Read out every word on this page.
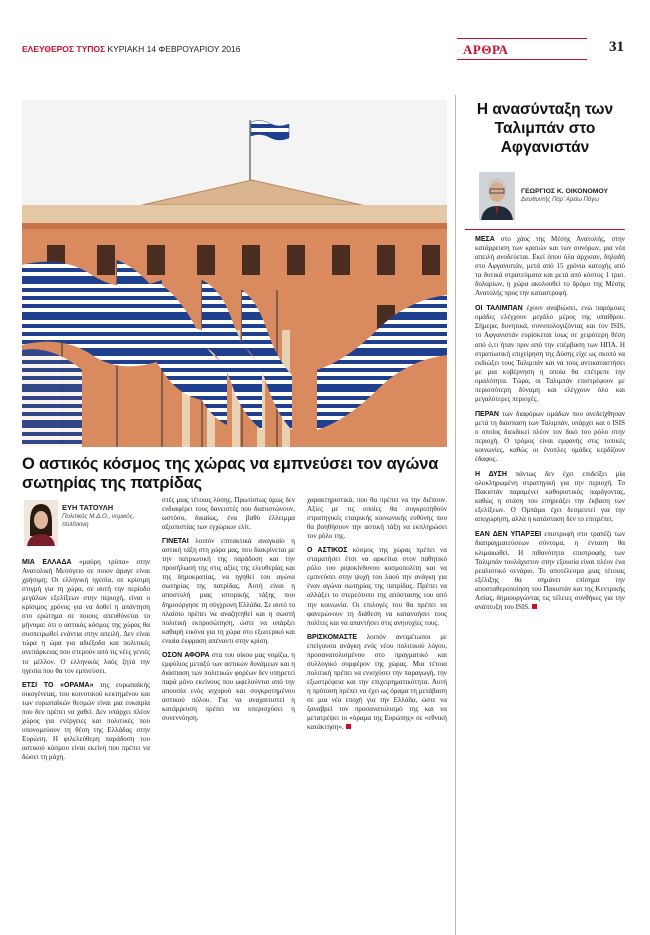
ΕΛΕΥΘΕΡΟΣ ΤΥΠΟΣ ΚΥΡΙΑΚΗ 14 ΦΕΒΡΟΥΑΡΙΟΥ 2016	ΑΡΘΡΑ	31
Ο αστικός κόσμος της χώρας να εμπνεύσει τον αγώνα σωτηρίας της πατρίδας
ΕΥΗ ΤΑΤΟΥΛΗ
Πολιτικός Μ.Δ.Ο., νομικός, πολίτικινη

ΜΙΑ ΕΛΛΑΔΑ «μαύρη τρύπα» στην Ανατολική Μεσόγειο σε ποιον άραγε είναι χρήσιμη; Οι ελληνική ηγεσία, σε κρίσιμη στιγμή για τη χώρα, σε αυτή την περίοδο μεγάλων εξελίξεων στην περιοχή, είναι ο κρίσιμος χρόνος για να δοθεί η απάντηση στο ερώτημα σε ποιους απευθύνεται το μήνυμα: ότι ο αστικός κόσμος της χώρας θα συσπειρωθεί ενάντια στην απειλή. Δεν είναι τώρα η ώρα για αδιέξοδα και πολιτικές ανεπάρκειας που στερούν από τις νέες γενιές το μέλλον. Ο ελληνικός λαός ζητά την ηγεσία που θα τον εμπνεύσει.

ΕΤΣΙ ΤΟ «ΟΡΑΜΑ» της ευρωπαϊκής οικογένειας, του κοινοτικού κεκτημένου και των ευρωπαϊκών θεσμών είναι μια ευκαιρία που δεν πρέπει να χαθεί. Δεν υπάρχει πλέον χώρος για ενέργειες και πολιτικές που υπονομεύουν τη θέση της Ελλάδας στην Ευρώπη. Η φιλελεύθερη παράδοση του αστικού κόσμου είναι εκείνη που πρέπει να δώσει τη μάχη.

στές μιας τέτοιας λύσης. Πρωτίστως όμως δεν ενδιαφέρει τους δανειστές που διαπιστώνουν, ωστόσο, δικαίως, ένα βαθύ έλλειμμα αξιοπιστίας των εγχώριων ελίτ.

ΓΙΝΕΤΑΙ λοιπόν επιτακτικά αναγκαίο η αστική τάξη στη χώρα μας, που διακρίνεται με την πατριωτική της παράδοση και την προσήλωσή της στις αξίες της ελευθερίας και της δημοκρατίας, να ηγηθεί του αγώνα σωτηρίας της πατρίδας. Αυτή είναι η αποστολή μιας ιστορικής τάξης που δημιούργησε τη σύγχρονη Ελλάδα. Σε αυτό το πλαίσιο πρέπει να αναζητηθεί και η σωστή πολιτική εκπροσώπηση, ώστε να υπάρξει καθαρή εικόνα για τη χώρα στο εξωτερικό και ενιαία έκφραση απέναντι στην κρίση.

ΟΣΟΝ ΑΦΟΡΑ στα του οίκου μας νομίζω, η εμφύλιος μεταξύ των αστικών δυνάμεων και η διάσπαση των πολιτικών φορέων δεν υπηρετεί παρά μόνο εκείνους που ωφελούνται από την απουσία ενός ισχυρού και συγκροτημένου αστικού πόλου. Για να αναχαιτιστεί η κατάρρευση πρέπει να υπερισχύσει η συνεννόηση.

χαρακτηριστικά, που θα πρέπει να την διέπουν. Αξίες με τις οποίες θα συγκροτηθούν στρατηγικές εταιρικής κοινωνικής ευθύνης που θα βοηθήσουν την αστική τάξη να εκπληρώσει τον ρόλο της.

Ο ΑΣΤΙΚΟΣ κόσμος της χώρας πρέπει να σταματήσει έτσι να αρκείται στον παθητικό ρόλο του ριψοκίνδυνου κοσμοπολίτη και να εμπνεύσει στην ψυχή του λαού την ανάγκη για έναν αγώνα σωτηρίας της πατρίδας. Πρέπει να αλλάξει το στερεότυπο της απόστασης του από την κοινωνία. Οι επιλογές του θα πρέπει να φανερώνουν τη διάθεση να κατανοήσει τους πολίτες και να απαντήσει στις ανησυχίες τους.

ΒΡΙΣΚΟΜΑΣΤΕ λοιπόν αντιμέτωποι με επείγουσα ανάγκη ενός νέου πολιτικού λόγου, προσανατολισμένου στο πραγματικό και συλλογικό συμφέρον της χώρας. Μια τέτοια πολιτική πρέπει να ενισχύσει την παραγωγή, την εξωστρέφεια και την επιχειρηματικότητα. Αυτή η πρόταση πρέπει να έχει ως όραμα τη μετάβαση σε μια νέα εποχή για την Ελλάδα, ώστε να ξαναβρεί τον προσανατολισμό της και να μετατρέψει το «όραμα της Ευρώπης» σε «εθνική κατάκτηση».

Η ανασύνταξη των Ταλιμπάν στο Αφγανιστάν
ΓΕΩΡΓΙΟΣ Κ. ΟΙΚΟΝΟΜΟΥ
Διευθυντής Παρ' Αρείω Πάγω

ΜΕΣΑ στο χάος της Μέσης Ανατολής, στην κατάρρευση των κρατών και των συνόρων, μια νέα απειλή ανοδεύεται. Εκεί όπου όλα άρχισαν, δηλαδή στο Αφγανιστάν, μετά από 15 χρόνια κατοχής από τα δυτικά στρατεύματα και μετά από κόστος 1 τρισ. δολαρίων, η χώρα ακολουθεί το δρόμο της Μέσης Ανατολής προς την καταστροφή.

ΟΙ ΤΑΛΙΜΠΑΝ έχουν αναβιώσει, ενώ παρόμοιες ομάδες ελέγχουν μεγάλο μέρος της υπαίθρου. Σήμερα, δυνητικά, συνυπολογιζόντας και τον ISIS, το Αφγανιστάν ευρίσκεται ίσως σε χειρότερη θέση από ό,τι ήταν πριν από την επέμβαση των ΗΠΑ. Η στρατιωτική επιχείρηση της Δύσης είχε ως σκοπό να εκδιώξει τους Ταλιμπάν και να τους αντικαταστήσει με μια κυβέρνηση η οποία θα επέτρεπε την ομαλότητα. Τώρα, οι Ταλιμπάν επιστρέφουν με περισσότερη δύναμη και ελέγχουν όλο και μεγαλύτερες περιοχές.

ΠΕΡΑΝ των διαφόρων ομάδων που ανεδείχθησαν μετά τη διάσπαση των Ταλιμπάν, υπάρχει και ο ISIS ο οποίος διεκδικεί πλέον τον δικό του ρόλο στην περιοχή. Ο τρόμος είναι εμφανής στις τοπικές κοινωνίες, καθώς οι ένοπλες ομάδες κερδίζουν έδαφος.

Η ΔΥΣΗ πάντως δεν έχει επιδείξει μία ολοκληρωμένη στρατηγική για την περιοχή. Το Πακιστάν παραμένει καθοριστικός παράγοντας, καθώς η στάση του επηρεάζει την έκβαση των εξελίξεων. Ο Ομπάμα έχει δεσμευτεί για την αποχώρηση, αλλά η κατάσταση δεν το επιτρέπει.

ΕΑΝ ΔΕΝ ΥΠΑΡΞΕΙ επιστροφή στο τραπέζι των διαπραγματεύσεων σύντομα, η ένταση θα κλιμακωθεί. Η πιθανότητα επιστροφής των Ταλιμπάν τουλάχιστον στην εξουσία είναι πλέον ένα ρεαλιστικό σενάριο. Το αποτέλεσμα μιας τέτοιας εξέλιξης θα σημάνει επίσημα την αποσταθεροποίηση του Πακιστάν και της Κεντρικής Ασίας, δημιουργώντας τις τέλειες συνθήκες για την ανάπτυξη του ISIS.
